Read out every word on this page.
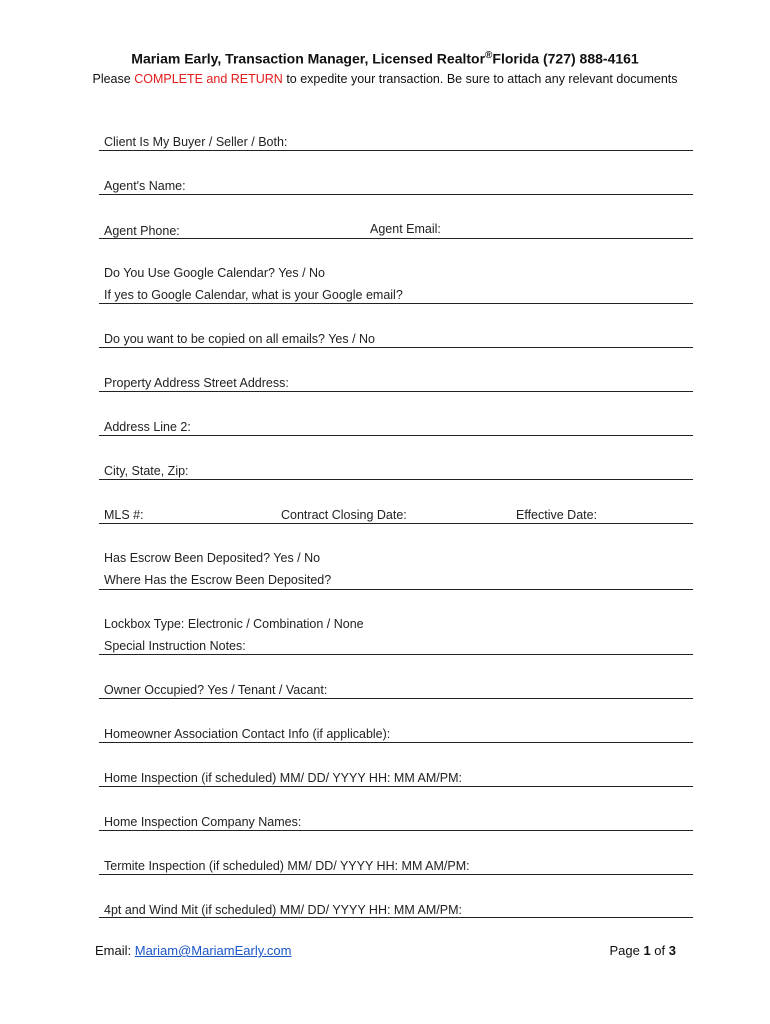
Mariam Early, Transaction Manager, Licensed Realtor®Florida (727) 888-4161
Please COMPLETE and RETURN to expedite your transaction. Be sure to attach any relevant documents
Client Is My Buyer / Seller / Both:
Agent's Name:
Agent Phone:	Agent Email:
Do You Use Google Calendar? Yes / No
If yes to Google Calendar, what is your Google email?
Do you want to be copied on all emails? Yes / No
Property Address Street Address:
Address Line 2:
City, State, Zip:
MLS #:	Contract Closing Date:	Effective Date:
Has Escrow Been Deposited? Yes / No
Where Has the Escrow Been Deposited?
Lockbox Type: Electronic / Combination / None
Special Instruction Notes:
Owner Occupied? Yes / Tenant / Vacant:
Homeowner Association Contact Info (if applicable):
Home Inspection (if scheduled) MM/ DD/ YYYY HH: MM AM/PM:
Home Inspection Company Names:
Termite Inspection (if scheduled) MM/ DD/ YYYY HH: MM AM/PM:
4pt and Wind Mit (if scheduled) MM/ DD/ YYYY HH: MM AM/PM:
Email: Mariam@MariamEarly.com	Page 1 of 3
